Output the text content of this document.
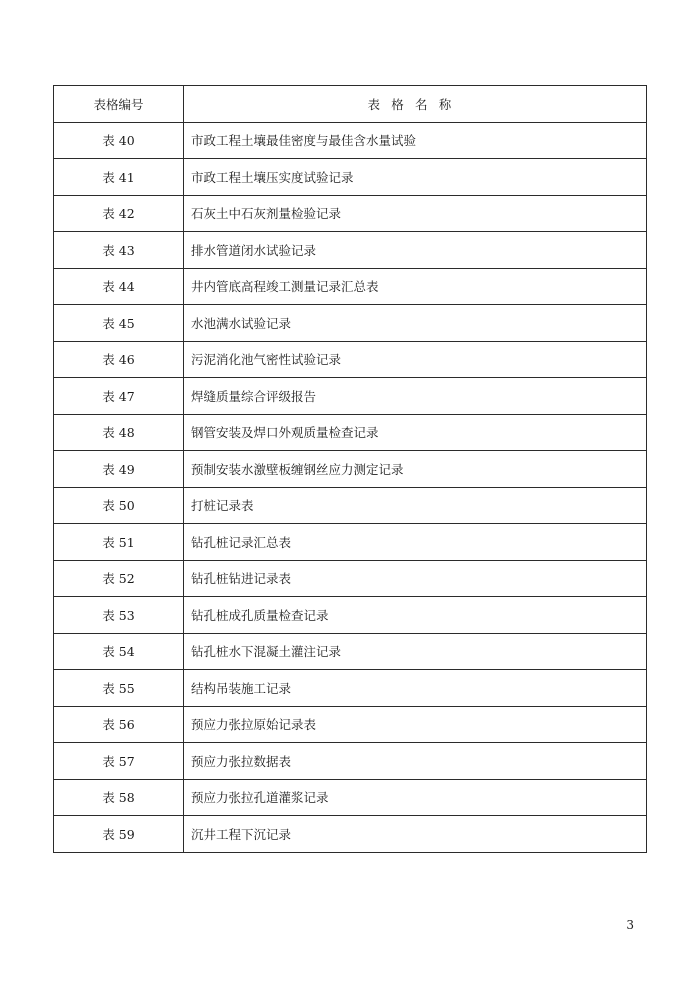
表格编号	表格名称
表 40	市政工程土壤最佳密度与最佳含水量试验
表 41	市政工程土壤压实度试验记录
表 42	石灰土中石灰剂量检验记录
表 43	排水管道闭水试验记录
表 44	井内管底高程竣工测量记录汇总表
表 45	水池满水试验记录
表 46	污泥消化池气密性试验记录
表 47	焊缝质量综合评级报告
表 48	钢管安装及焊口外观质量检查记录
表 49	预制安装水激壁板缠钢丝应力测定记录
表 50	打桩记录表
表 51	钻孔桩记录汇总表
表 52	钻孔桩钻进记录表
表 53	钻孔桩成孔质量检查记录
表 54	钻孔桩水下混凝土灌注记录
表 55	结构吊装施工记录
表 56	预应力张拉原始记录表
表 57	预应力张拉数据表
表 58	预应力张拉孔道灌浆记录
表 59	沉井工程下沉记录
3
